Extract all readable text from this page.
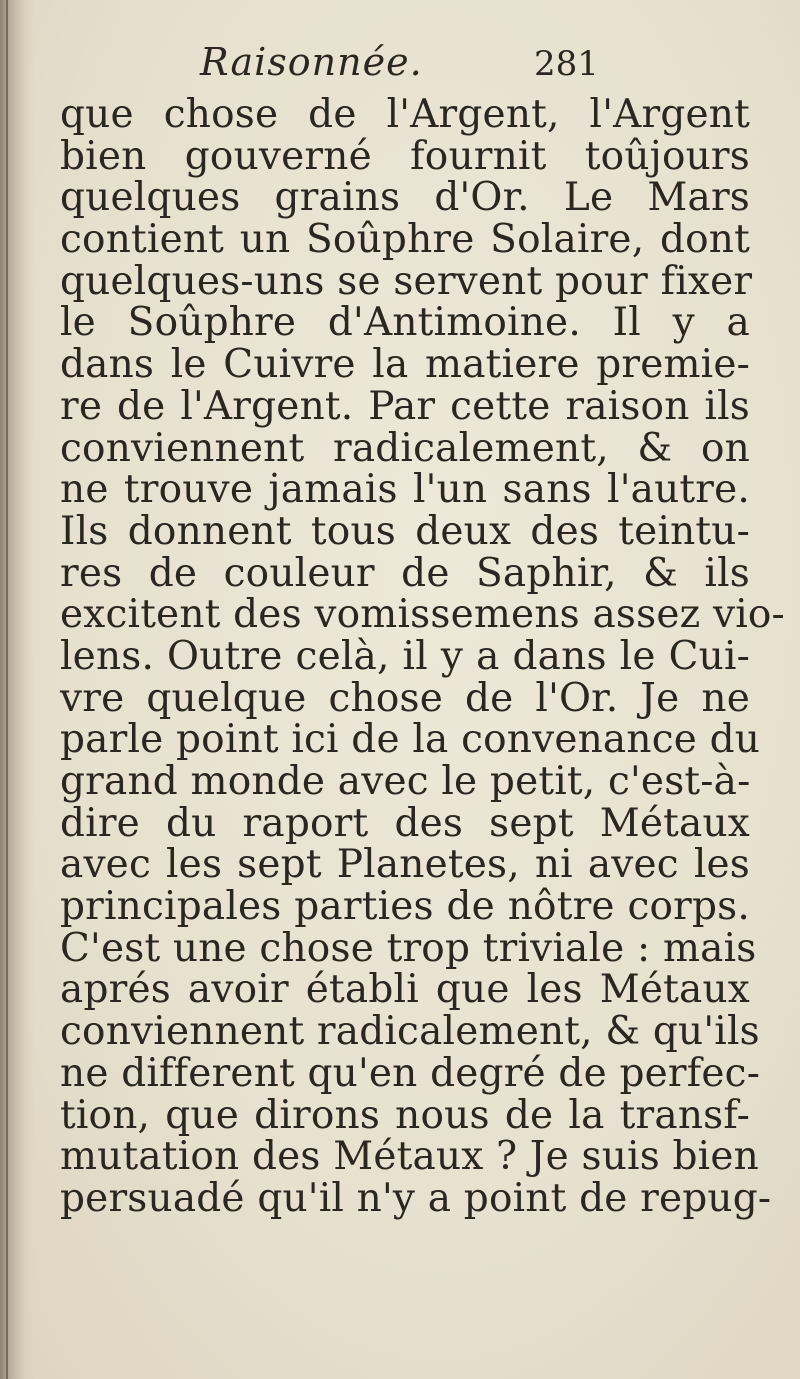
Raisonnée.	281
que chose de l'Argent, l'Argent
bien gouverné fournit toûjours
quelques grains d'Or. Le Mars
contient un Soûphre Solaire, dont
quelques-uns se servent pour fixer
le Soûphre d'Antimoine. Il y a
dans le Cuivre la matiere premie-
re de l'Argent. Par cette raison ils
conviennent radicalement, & on
ne trouve jamais l'un sans l'autre.
Ils donnent tous deux des teintu-
res de couleur de Saphir, & ils
excitent des vomissemens assez vio-
lens. Outre celà, il y a dans le Cui-
vre quelque chose de l'Or. Je ne
parle point ici de la convenance du
grand monde avec le petit, c'est-à-
dire du raport des sept Métaux
avec les sept Planetes, ni avec les
principales parties de nôtre corps.
C'est une chose trop triviale : mais
aprés avoir établi que les Métaux
conviennent radicalement, & qu'ils
ne different qu'en degré de perfec-
tion, que dirons nous de la transf-
mutation des Métaux ? Je suis bien
persuadé qu'il n'y a point de repug-
